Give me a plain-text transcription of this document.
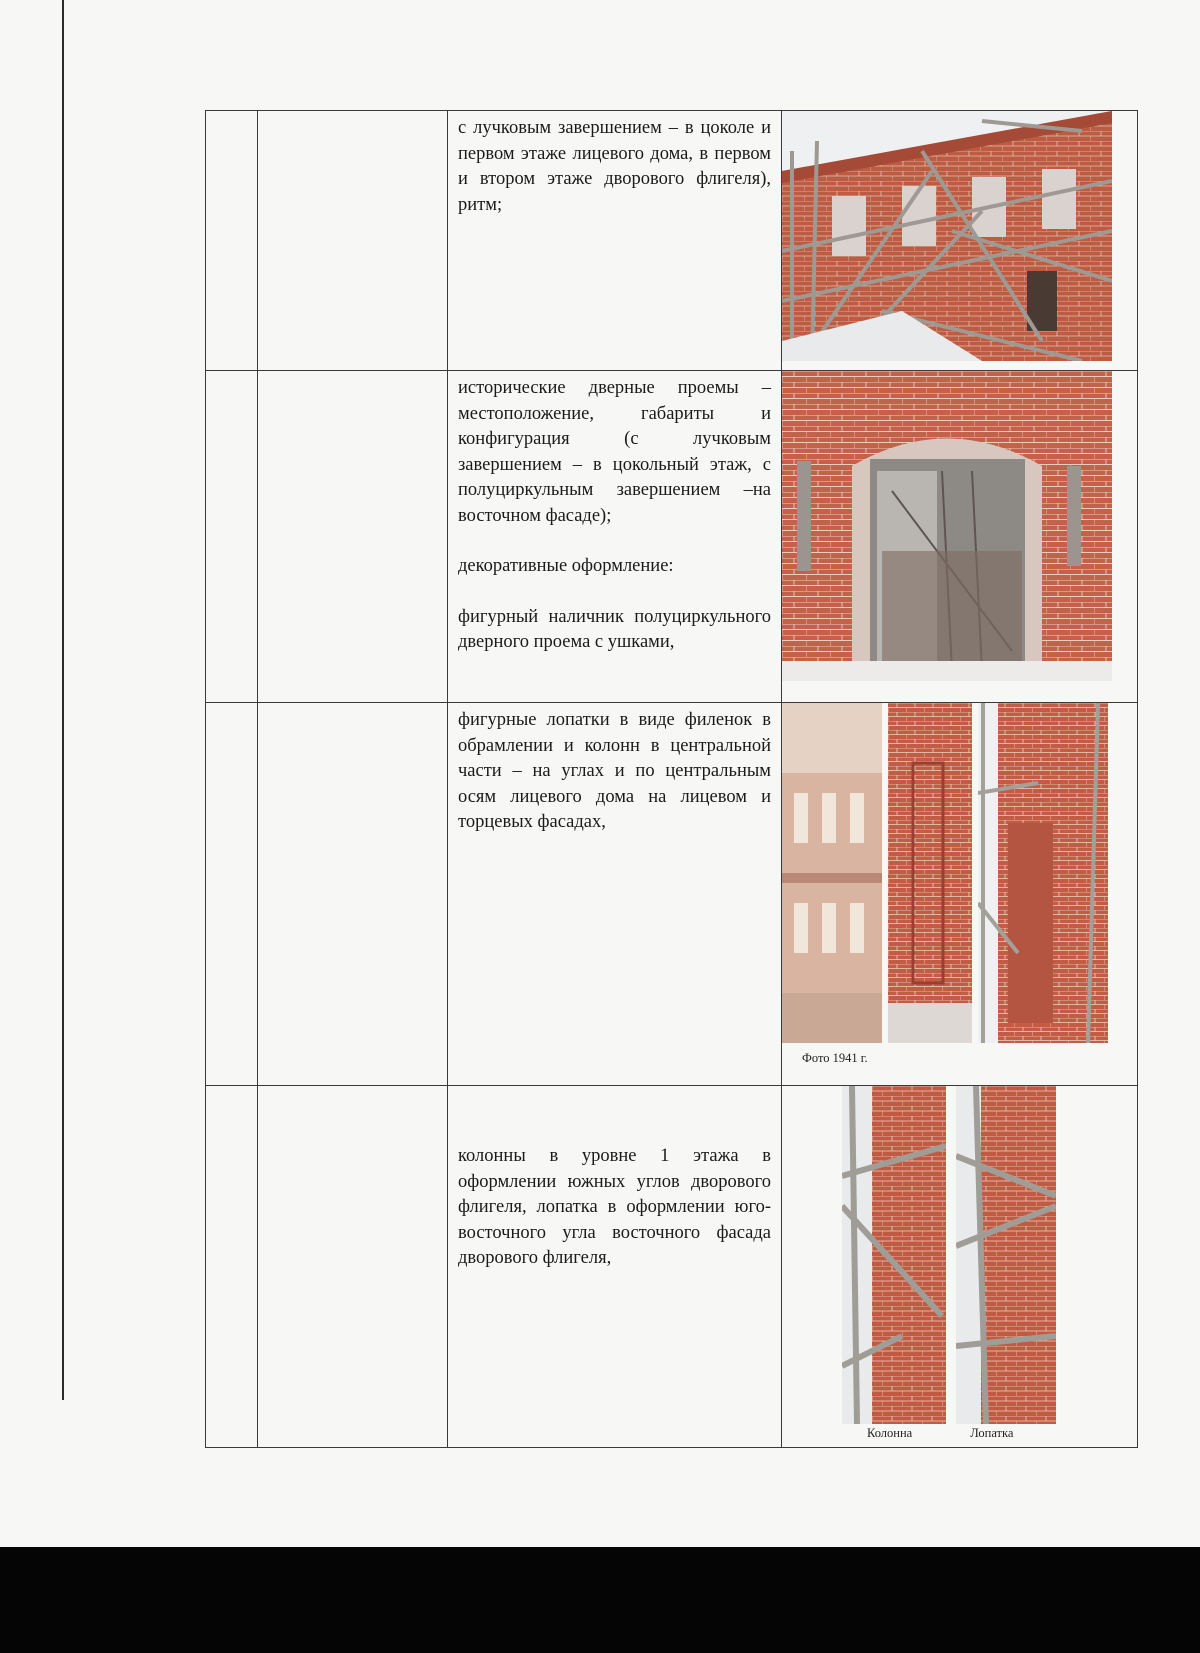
		с лучковым завершением – в цоколе и первом этаже лицевого дома, в первом и втором этаже дворового флигеля), ритм;

		исторические дверные проемы –местоположение, габариты и конфигурация (с лучковым завершением – в цокольный этаж, с полуциркульным завершением –на восточном фасаде);

декоративные оформление:

фигурный наличник полуциркульного дверного проема с ушками,

		фигурные лопатки в виде филенок в обрамлении и колонн в центральной части – на углах и по центральным осям лицевого дома на лицевом и торцевых фасадах,	Фото 1941 г.

		колонны в уровне 1 этажа в оформлении южных углов дворового флигеля, лопатка в оформлении юго-восточного угла восточного фасада дворового флигеля,	Колонна Лопатка
